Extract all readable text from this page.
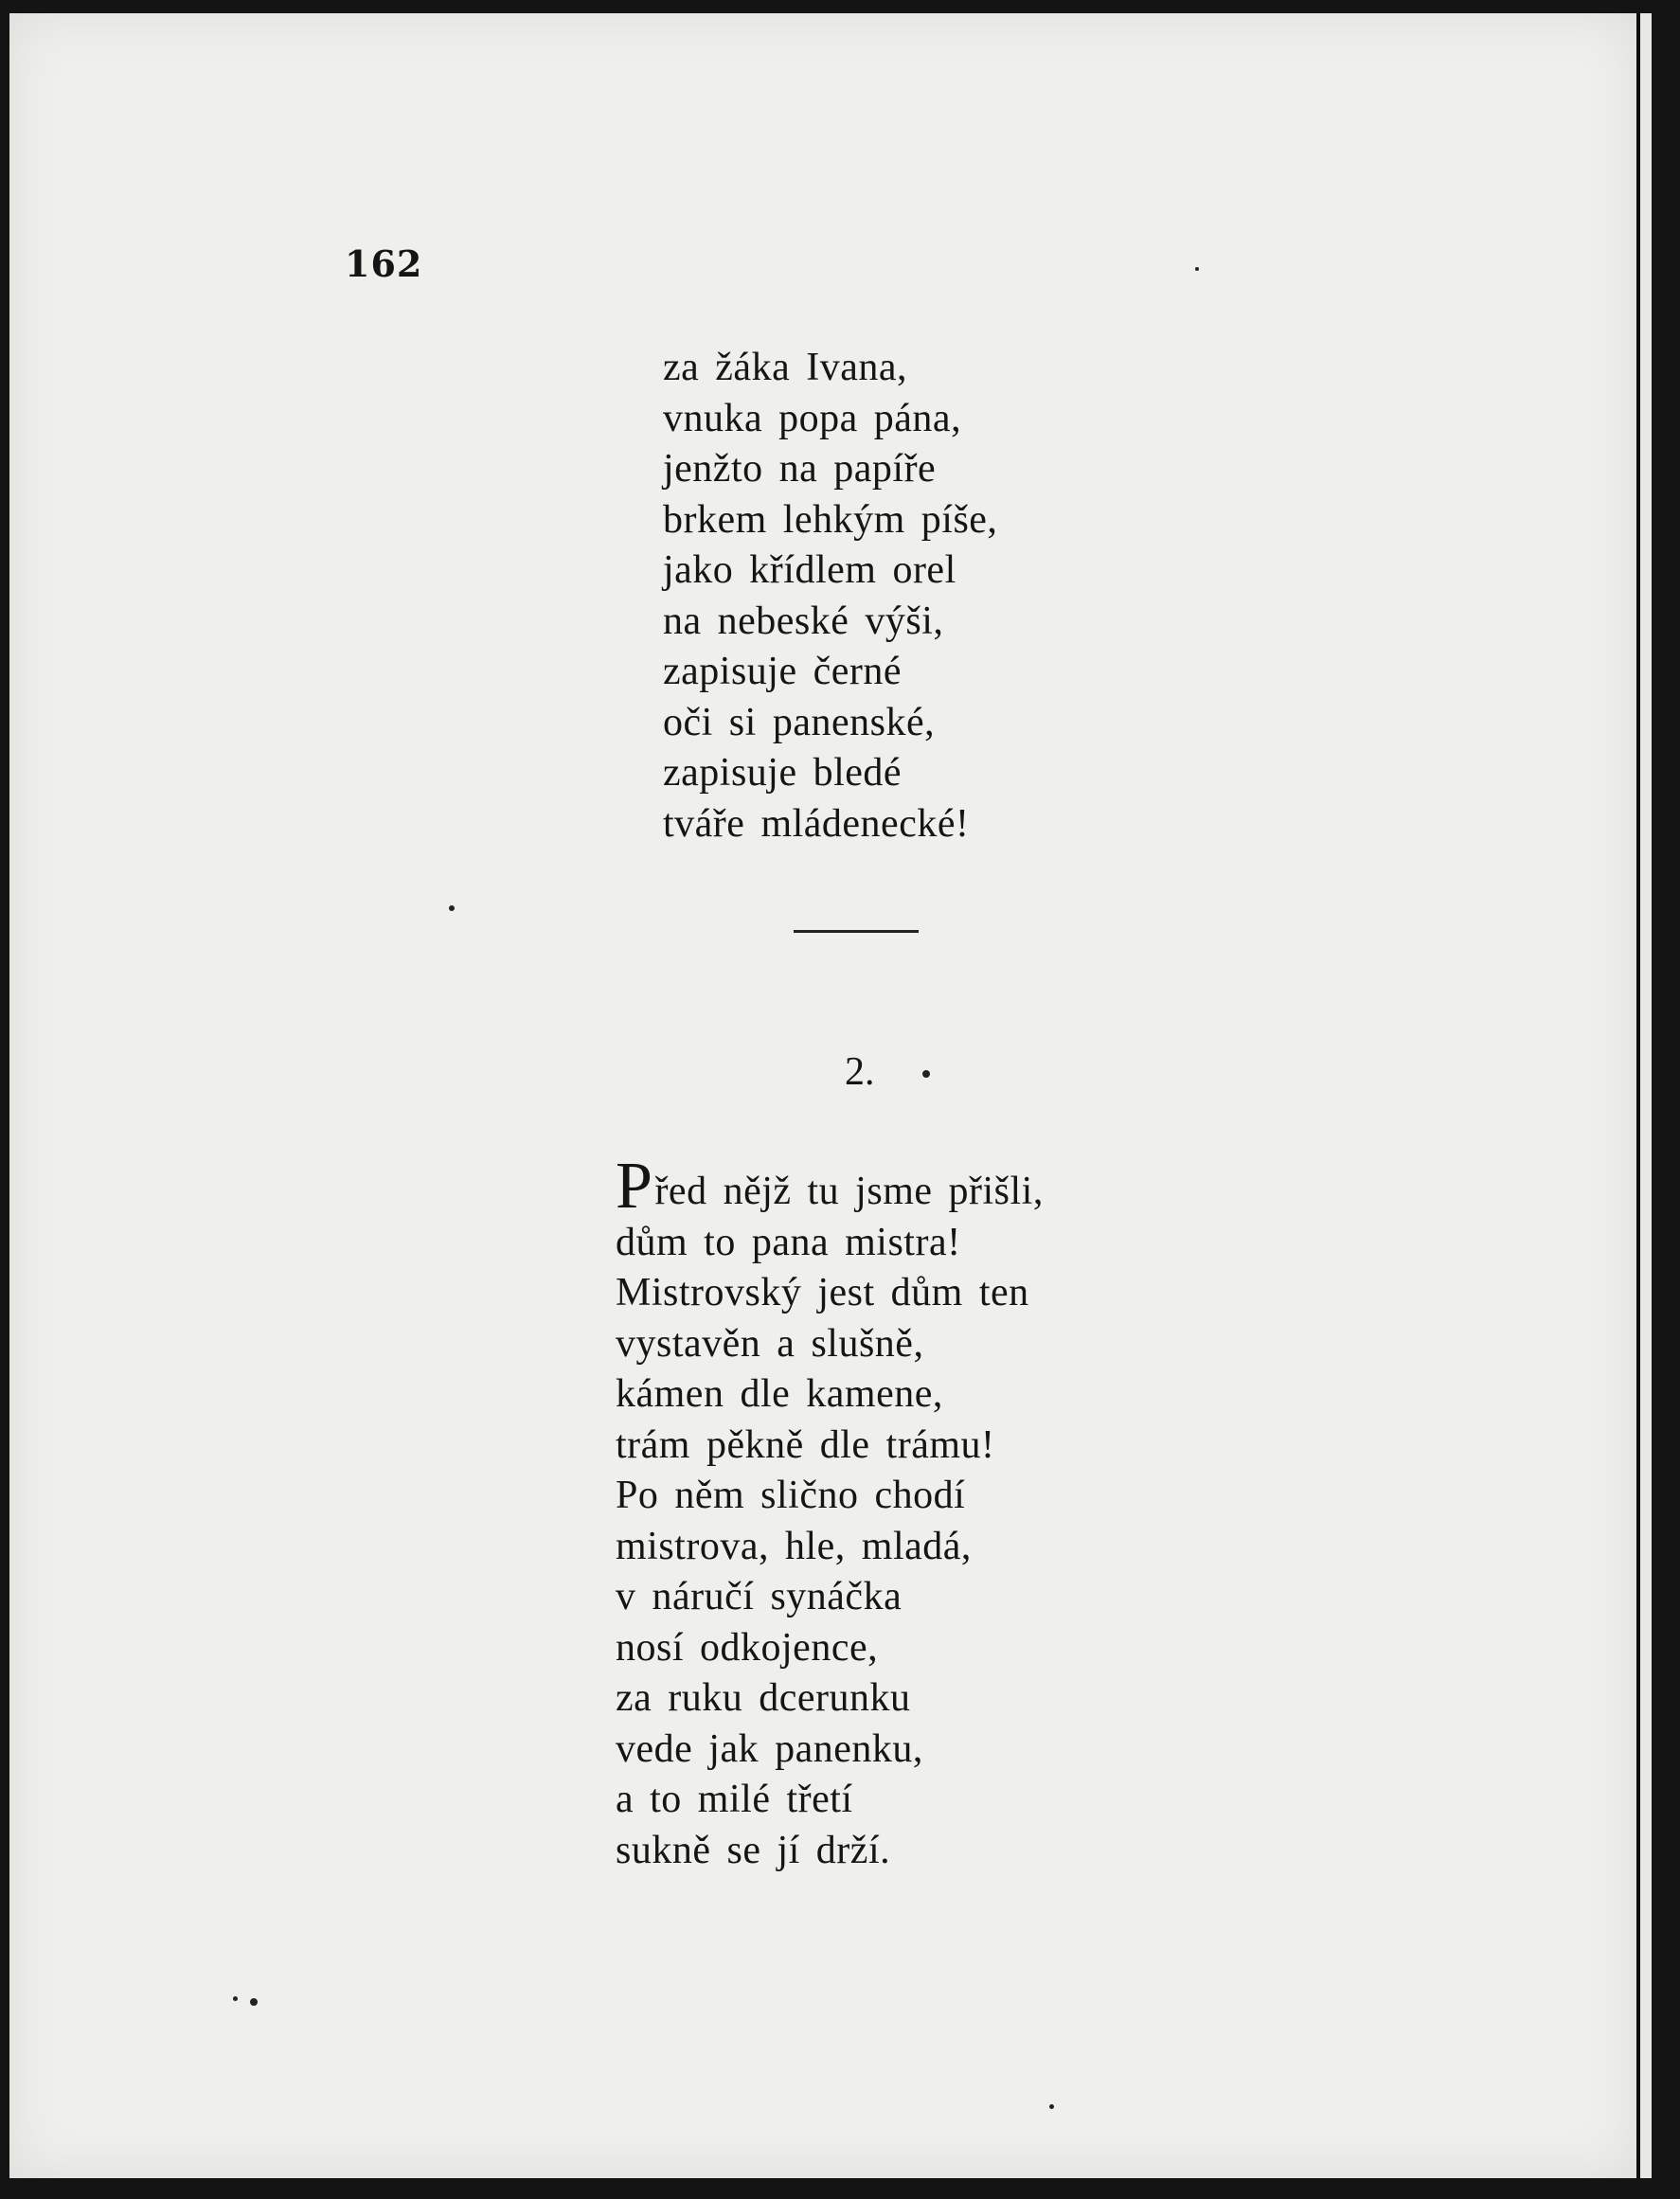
162
za žáka Ivana,
vnuka popa pána,
jenžto na papíře
brkem lehkým píše,
jako křídlem orel
na nebeské výši,
zapisuje černé
oči si panenské,
zapisuje bledé
tváře mládenecké!
2.
Před nějž tu jsme přišli,
dům to pana mistra!
Mistrovský jest dům ten
vystavěn a slušně,
kámen dle kamene,
trám pěkně dle trámu!
Po něm slično chodí
mistrova, hle, mladá,
v náručí synáčka
nosí odkojence,
za ruku dcerunku
vede jak panenku,
a to milé třetí
sukně se jí drží.
